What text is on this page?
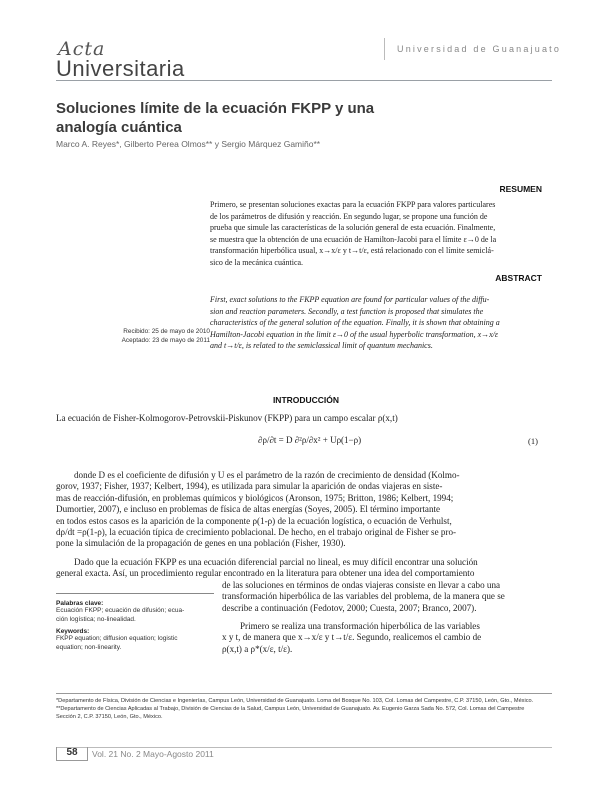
Acta
Universitaria
Universidad de Guanajuato
Soluciones límite de la ecuación FKPP y una
analogía cuántica
Marco A. Reyes*, Gilberto Perea Olmos** y Sergio Márquez Gamiño**
RESUMEN
Primero, se presentan soluciones exactas para la ecuación FKPP para valores particulares
de los parámetros de difusión y reacción. En segundo lugar, se propone una función de
prueba que simule las características de la solución general de esta ecuación. Finalmente,
se muestra que la obtención de una ecuación de Hamilton-Jacobi para el límite ε→0 de la
transformación hiperbólica usual, x→x/ε y t→t/ε, está relacionado con el límite semiclá-
sico de la mecánica cuántica.
ABSTRACT
First, exact solutions to the FKPP equation are found for particular values of the diffu-
sion and reaction parameters. Secondly, a test function is proposed that simulates the
characteristics of the general solution of the equation. Finally, it is shown that obtaining a
Hamilton-Jacobi equation in the limit ε→0 of the usual hyperbolic transformation, x→x/ε
and t→t/ε, is related to the semiclassical limit of quantum mechanics.
Recibido: 25 de mayo de 2010
Aceptado: 23 de mayo de 2011
INTRODUCCIÓN
La ecuación de Fisher-Kolmogorov-Petrovskii-Piskunov (FKPP) para un campo escalar ρ(x,t)
∂ρ/∂t = D ∂²ρ/∂x² + Uρ(1−ρ)	(1)
donde D es el coeficiente de difusión y U es el parámetro de la razón de crecimiento de densidad (Kolmo-
gorov, 1937; Fisher, 1937; Kelbert, 1994), es utilizada para simular la aparición de ondas viajeras en siste-
mas de reacción-difusión, en problemas químicos y biológicos (Aronson, 1975; Britton, 1986; Kelbert, 1994;
Dumortier, 2007), e incluso en problemas de física de altas energías (Soyes, 2005). El término importante
en todos estos casos es la aparición de la componente ρ(1-ρ) de la ecuación logística, o ecuación de Verhulst,
dρ/dt =ρ(1-ρ), la ecuación típica de crecimiento poblacional. De hecho, en el trabajo original de Fisher se pro-
pone la simulación de la propagación de genes en una población (Fisher, 1930).
Dado que la ecuación FKPP es una ecuación diferencial parcial no lineal, es muy difícil encontrar una solución
general exacta. Así, un procedimiento regular encontrado en la literatura para obtener una idea del comportamiento
de las soluciones en términos de ondas viajeras consiste en llevar a cabo una
transformación hiperbólica de las variables del problema, de la manera que se
describe a continuación (Fedotov, 2000; Cuesta, 2007; Branco, 2007).
Primero se realiza una transformación hiperbólica de las variables
x y t, de manera que x→x/ε y t→t/ε. Segundo, realicemos el cambio de
ρ(x,t) a ρ*(x/ε, t/ε).
Palabras clave:
Ecuación FKPP; ecuación de difusión; ecua-
ción logística; no-linealidad.
Keywords:
FKPP equation; diffusion equation; logistic
equation; non-linearity.
*Departamento de Física, División de Ciencias e Ingenierías, Campus León, Universidad de Guanajuato. Loma del Bosque No. 103, Col. Lomas del Campestre, C.P. 37150, León, Gto., México.
**Departamento de Ciencias Aplicadas al Trabajo, División de Ciencias de la Salud, Campus León, Universidad de Guanajuato. Av. Eugenio Garza Sada No. 572, Col. Lomas del Campestre
Sección 2, C.P. 37150, León, Gto., México.
58	Vol. 21 No. 2 Mayo-Agosto 2011
